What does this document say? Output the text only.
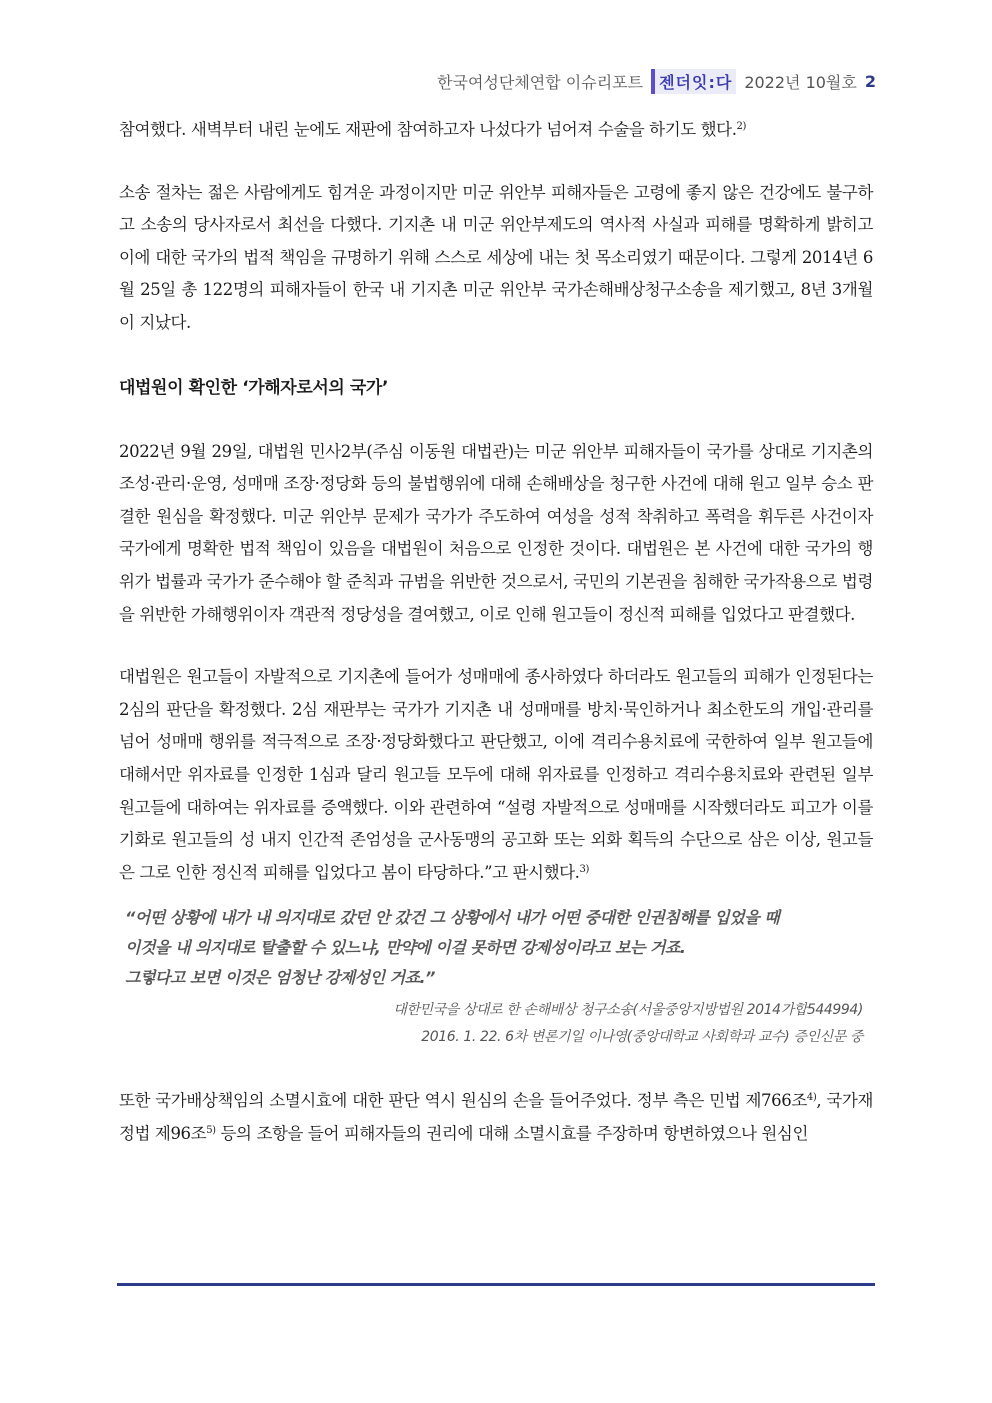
한국여성단체연합 이슈리포트	젠더잇:다 2022년 10월호 2

참여했다. 새벽부터 내린 눈에도 재판에 참여하고자 나섰다가 넘어져 수술을 하기도 했다.$^{2)}$

소송 절차는 젊은 사람에게도 힘겨운 과정이지만 미군 위안부 피해자들은 고령에 좋지 않은 건강에도 불구하고 소송의 당사자로서 최선을 다했다. 기지촌 내 미군 위안부제도의 역사적 사실과 피해를 명확하게 밝히고 이에 대한 국가의 법적 책임을 규명하기 위해 스스로 세상에 내는 첫 목소리였기 때문이다. 그렇게 2014년 6월 25일 총 122명의 피해자들이 한국 내 기지촌 미군 위안부 국가손해배상청구소송을 제기했고, 8년 3개월이 지났다.

대법원이 확인한 ‘가해자로서의 국가’

2022년 9월 29일, 대법원 민사2부(주심 이동원 대법관)는 미군 위안부 피해자들이 국가를 상대로 기지촌의 조성·관리·운영, 성매매 조장·정당화 등의 불법행위에 대해 손해배상을 청구한 사건에 대해 원고 일부 승소 판결한 원심을 확정했다. 미군 위안부 문제가 국가가 주도하여 여성을 성적 착취하고 폭력을 휘두른 사건이자 국가에게 명확한 법적 책임이 있음을 대법원이 처음으로 인정한 것이다. 대법원은 본 사건에 대한 국가의 행위가 법률과 국가가 준수해야 할 준칙과 규범을 위반한 것으로서, 국민의 기본권을 침해한 국가작용으로 법령을 위반한 가해행위이자 객관적 정당성을 결여했고, 이로 인해 원고들이 정신적 피해를 입었다고 판결했다.

대법원은 원고들이 자발적으로 기지촌에 들어가 성매매에 종사하였다 하더라도 원고들의 피해가 인정된다는 2심의 판단을 확정했다. 2심 재판부는 국가가 기지촌 내 성매매를 방치·묵인하거나 최소한도의 개입·관리를 넘어 성매매 행위를 적극적으로 조장·정당화했다고 판단했고, 이에 격리수용치료에 국한하여 일부 원고들에 대해서만 위자료를 인정한 1심과 달리 원고들 모두에 대해 위자료를 인정하고 격리수용치료와 관련된 일부 원고들에 대하여는 위자료를 증액했다. 이와 관련하여 “설령 자발적으로 성매매를 시작했더라도 피고가 이를 기화로 원고들의 성 내지 인간적 존엄성을 군사동맹의 공고화 또는 외화 획득의 수단으로 삼은 이상, 원고들은 그로 인한 정신적 피해를 입었다고 봄이 타당하다.”고 판시했다.$^{3)}$

“어떤 상황에 내가 내 의지대로 갔던 안 갔건 그 상황에서 내가 어떤 중대한 인권침해를 입었을 때
이것을 내 의지대로 탈출할 수 있느냐, 만약에 이걸 못하면 강제성이라고 보는 거죠.
그렇다고 보면 이것은 엄청난 강제성인 거죠.”
대한민국을 상대로 한 손해배상 청구소송(서울중앙지방법원 2014가합544994)
2016. 1. 22. 6차 변론기일 이나영(중앙대학교 사회학과 교수) 증인신문 중

또한 국가배상책임의 소멸시효에 대한 판단 역시 원심의 손을 들어주었다. 정부 측은 민법 제766조$^{4)}$, 국가재정법 제96조$^{5)}$ 등의 조항을 들어 피해자들의 권리에 대해 소멸시효를 주장하며 항변하였으나 원심인
